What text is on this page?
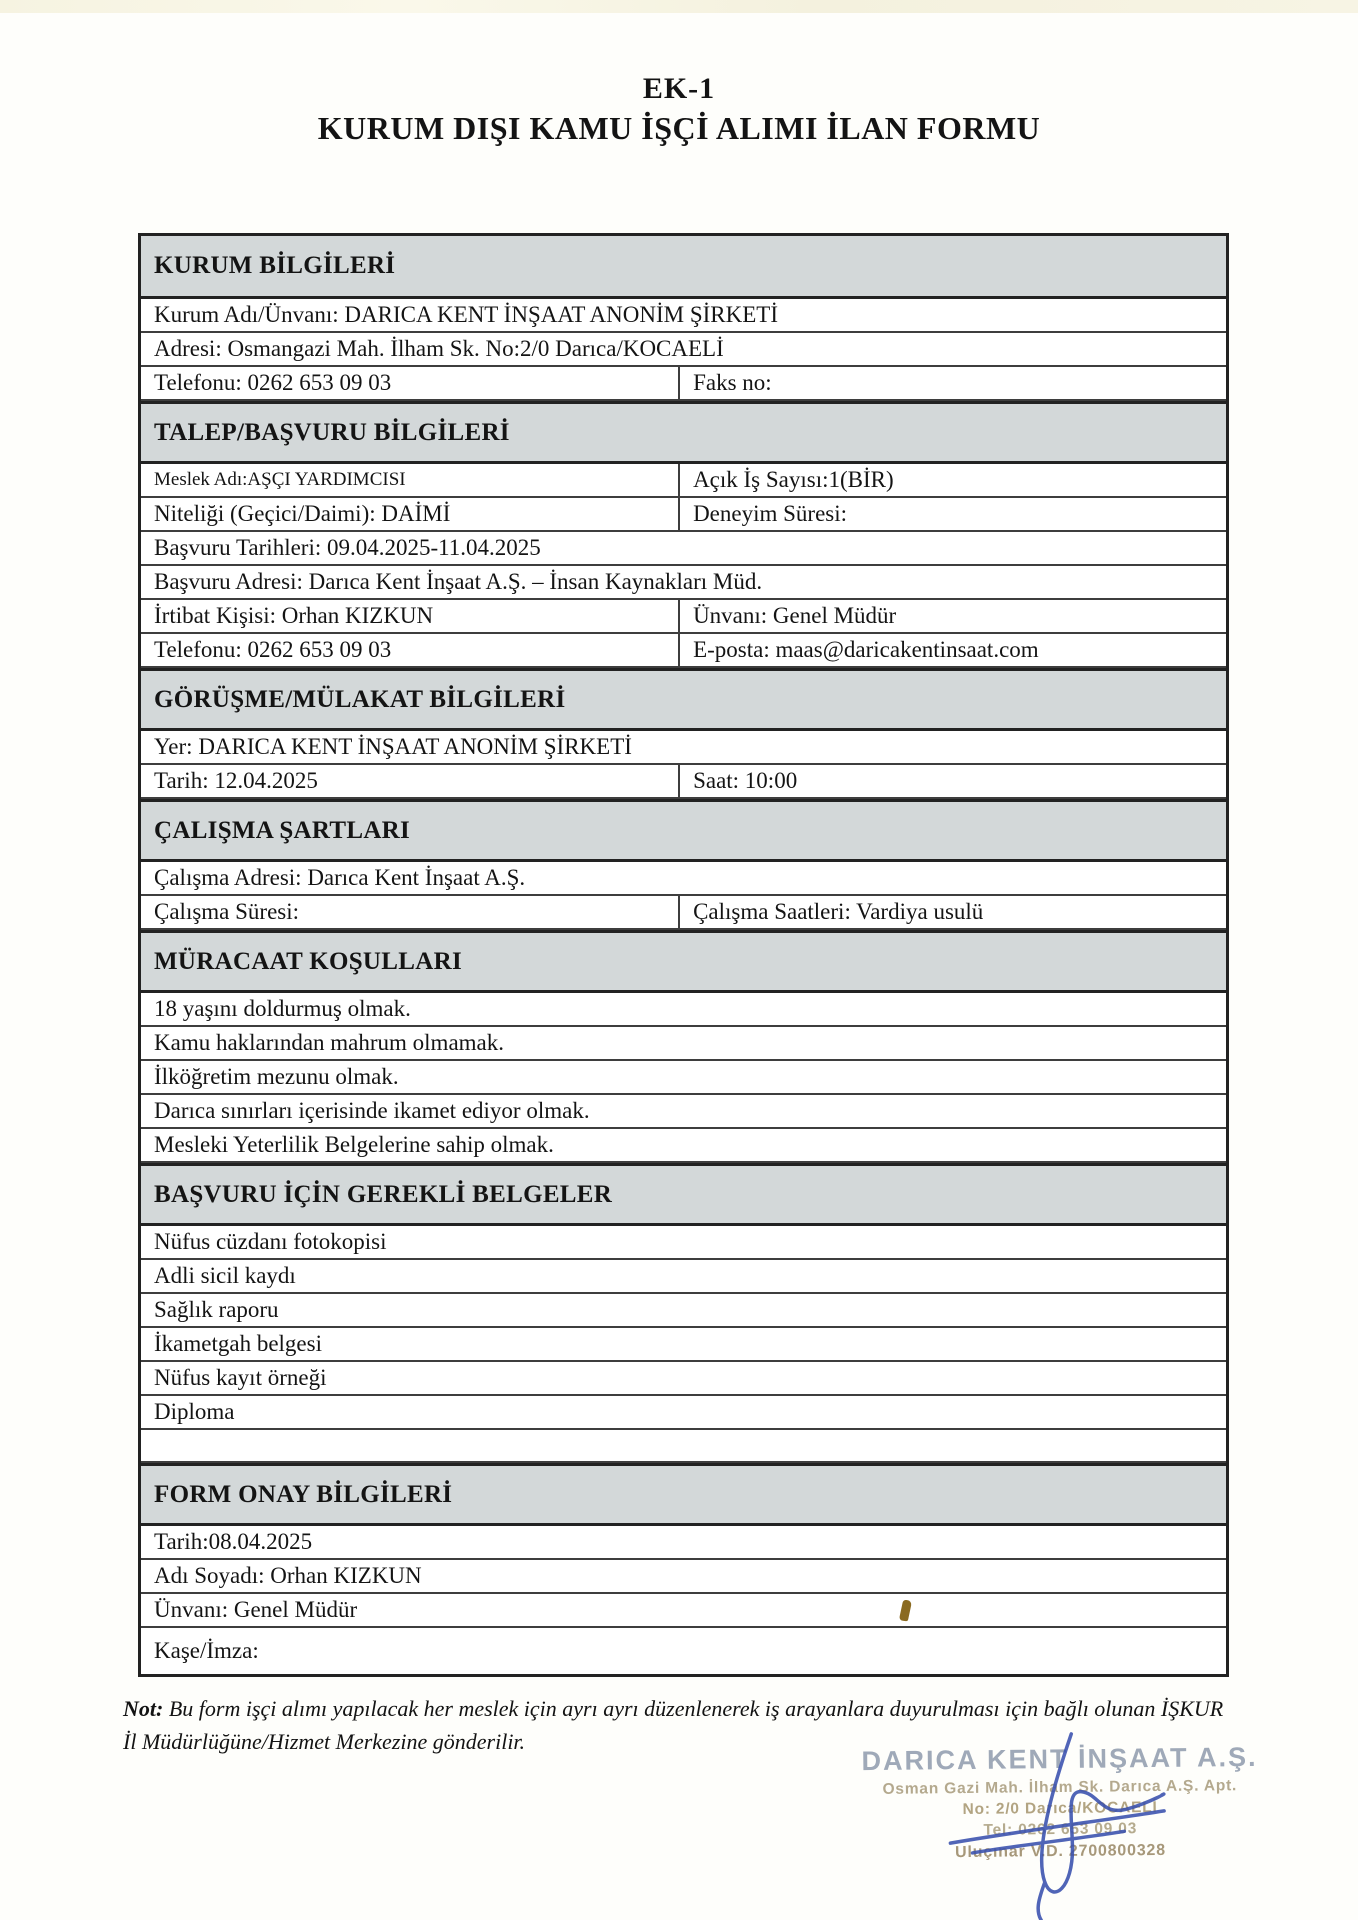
EK-1
KURUM DIŞI KAMU İŞÇİ ALIMI İLAN FORMU
KURUM BİLGİLERİ
Kurum Adı/Ünvanı: DARICA KENT İNŞAAT ANONİM ŞİRKETİ
Adresi: Osmangazi Mah. İlham Sk. No:2/0 Darıca/KOCAELİ
Telefonu: 0262 653 09 03	Faks no:
TALEP/BAŞVURU BİLGİLERİ
Meslek Adı:AŞÇI YARDIMCISI	Açık İş Sayısı:1(BİR)
Niteliği (Geçici/Daimi): DAİMİ	Deneyim Süresi:
Başvuru Tarihleri: 09.04.2025-11.04.2025
Başvuru Adresi: Darıca Kent İnşaat A.Ş. – İnsan Kaynakları Müd.
İrtibat Kişisi: Orhan KIZKUN	Ünvanı: Genel Müdür
Telefonu: 0262 653 09 03	E-posta: maas@daricakentinsaat.com
GÖRÜŞME/MÜLAKAT BİLGİLERİ
Yer: DARICA KENT İNŞAAT ANONİM ŞİRKETİ
Tarih: 12.04.2025	Saat: 10:00
ÇALIŞMA ŞARTLARI
Çalışma Adresi: Darıca Kent İnşaat A.Ş.
Çalışma Süresi:	Çalışma Saatleri: Vardiya usulü
MÜRACAAT KOŞULLARI
18 yaşını doldurmuş olmak.
Kamu haklarından mahrum olmamak.
İlköğretim mezunu olmak.
Darıca sınırları içerisinde ikamet ediyor olmak.
Mesleki Yeterlilik Belgelerine sahip olmak.
BAŞVURU İÇİN GEREKLİ BELGELER
Nüfus cüzdanı fotokopisi
Adli sicil kaydı
Sağlık raporu
İkametgah belgesi
Nüfus kayıt örneği
Diploma
FORM ONAY BİLGİLERİ
Tarih:08.04.2025
Adı Soyadı: Orhan KIZKUN
Ünvanı: Genel Müdür
Kaşe/İmza:
Not: Bu form işçi alımı yapılacak her meslek için ayrı ayrı düzenlenerek iş arayanlara duyurulması için bağlı olunan İŞKUR İl Müdürlüğüne/Hizmet Merkezine gönderilir.
DARICA KENT İNŞAAT A.Ş.
Osman Gazi Mah. İlham Sk. Darıca A.Ş. Apt.
No: 2/0 Darıca/KOCAELİ
Tel: 0262 653 09 03
Uluçınar V.D. 2700800328
